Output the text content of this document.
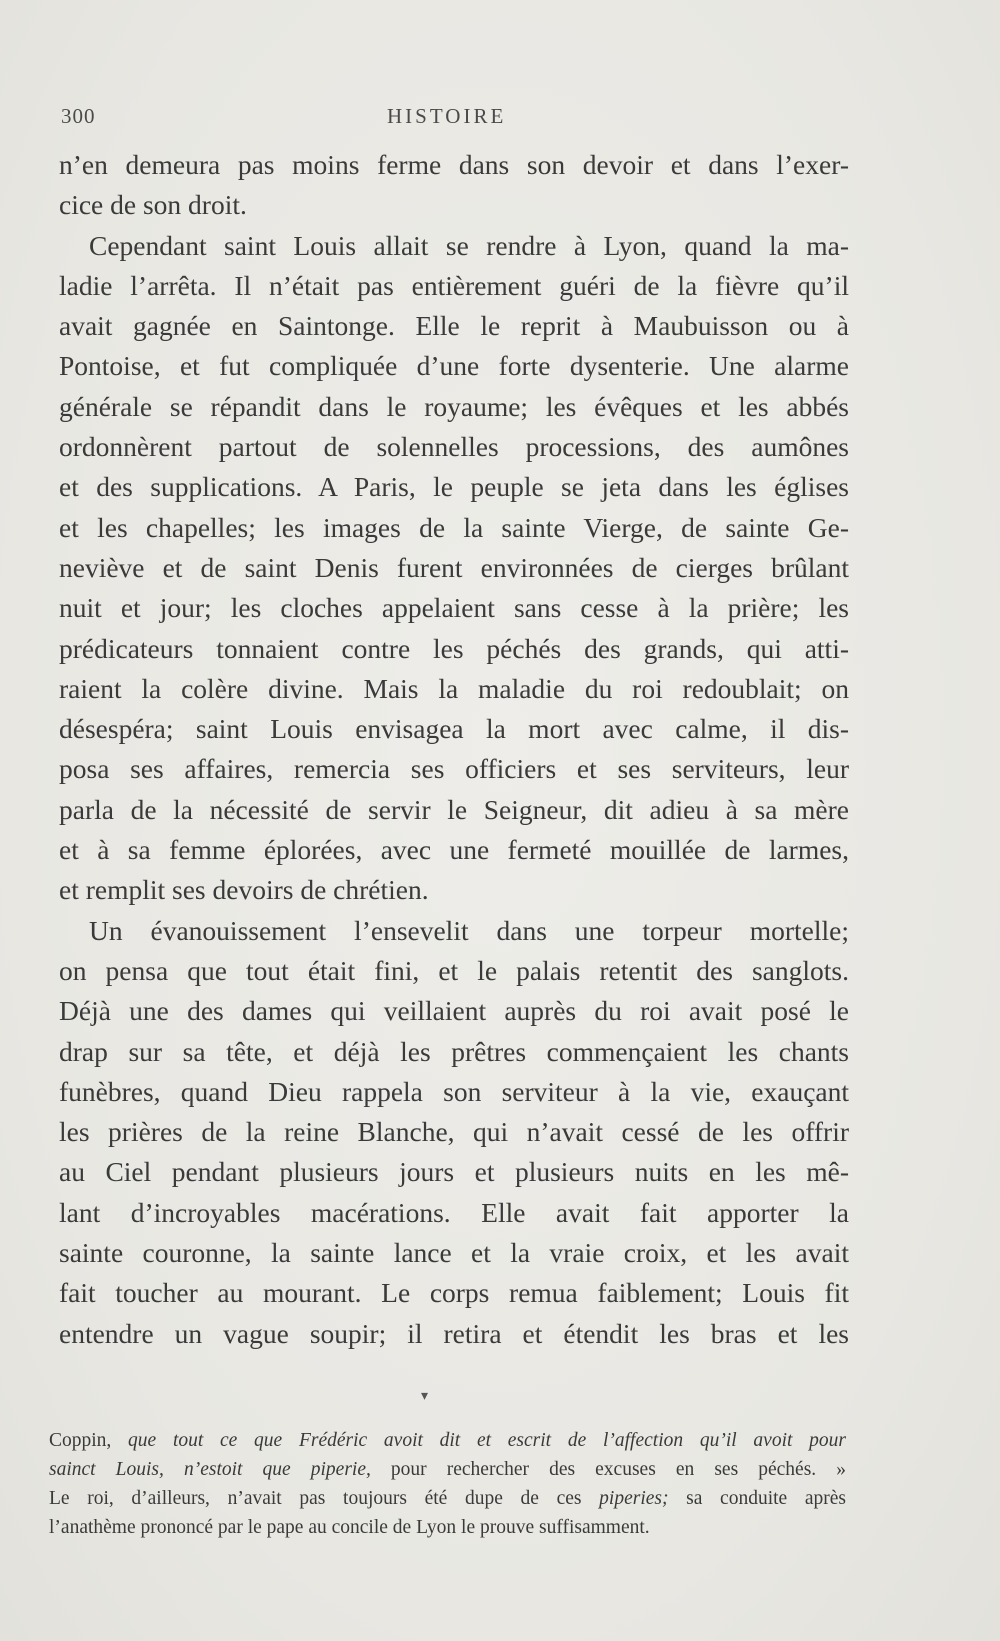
300	HISTOIRE
n’en demeura pas moins ferme dans son devoir et dans l’exer-
cice de son droit.
Cependant saint Louis allait se rendre à Lyon, quand la ma-
ladie l’arrêta. Il n’était pas entièrement guéri de la fièvre qu’il
avait gagnée en Saintonge. Elle le reprit à Maubuisson ou à
Pontoise, et fut compliquée d’une forte dysenterie. Une alarme
générale se répandit dans le royaume; les évêques et les abbés
ordonnèrent partout de solennelles processions, des aumônes
et des supplications. A Paris, le peuple se jeta dans les églises
et les chapelles; les images de la sainte Vierge, de sainte Ge-
neviève et de saint Denis furent environnées de cierges brûlant
nuit et jour; les cloches appelaient sans cesse à la prière; les
prédicateurs tonnaient contre les péchés des grands, qui atti-
raient la colère divine. Mais la maladie du roi redoublait; on
désespéra; saint Louis envisagea la mort avec calme, il dis-
posa ses affaires, remercia ses officiers et ses serviteurs, leur
parla de la nécessité de servir le Seigneur, dit adieu à sa mère
et à sa femme éplorées, avec une fermeté mouillée de larmes,
et remplit ses devoirs de chrétien.
Un évanouissement l’ensevelit dans une torpeur mortelle;
on pensa que tout était fini, et le palais retentit des sanglots.
Déjà une des dames qui veillaient auprès du roi avait posé le
drap sur sa tête, et déjà les prêtres commençaient les chants
funèbres, quand Dieu rappela son serviteur à la vie, exauçant
les prières de la reine Blanche, qui n’avait cessé de les offrir
au Ciel pendant plusieurs jours et plusieurs nuits en les mê-
lant d’incroyables macérations. Elle avait fait apporter la
sainte couronne, la sainte lance et la vraie croix, et les avait
fait toucher au mourant. Le corps remua faiblement; Louis fit
entendre un vague soupir; il retira et étendit les bras et les
▾
Coppin, que tout ce que Frédéric avoit dit et escrit de l’affection qu’il avoit pour
sainct Louis, n’estoit que piperie, pour rechercher des excuses en ses péchés. »
Le roi, d’ailleurs, n’avait pas toujours été dupe de ces piperies; sa conduite après
l’anathème prononcé par le pape au concile de Lyon le prouve suffisamment.
